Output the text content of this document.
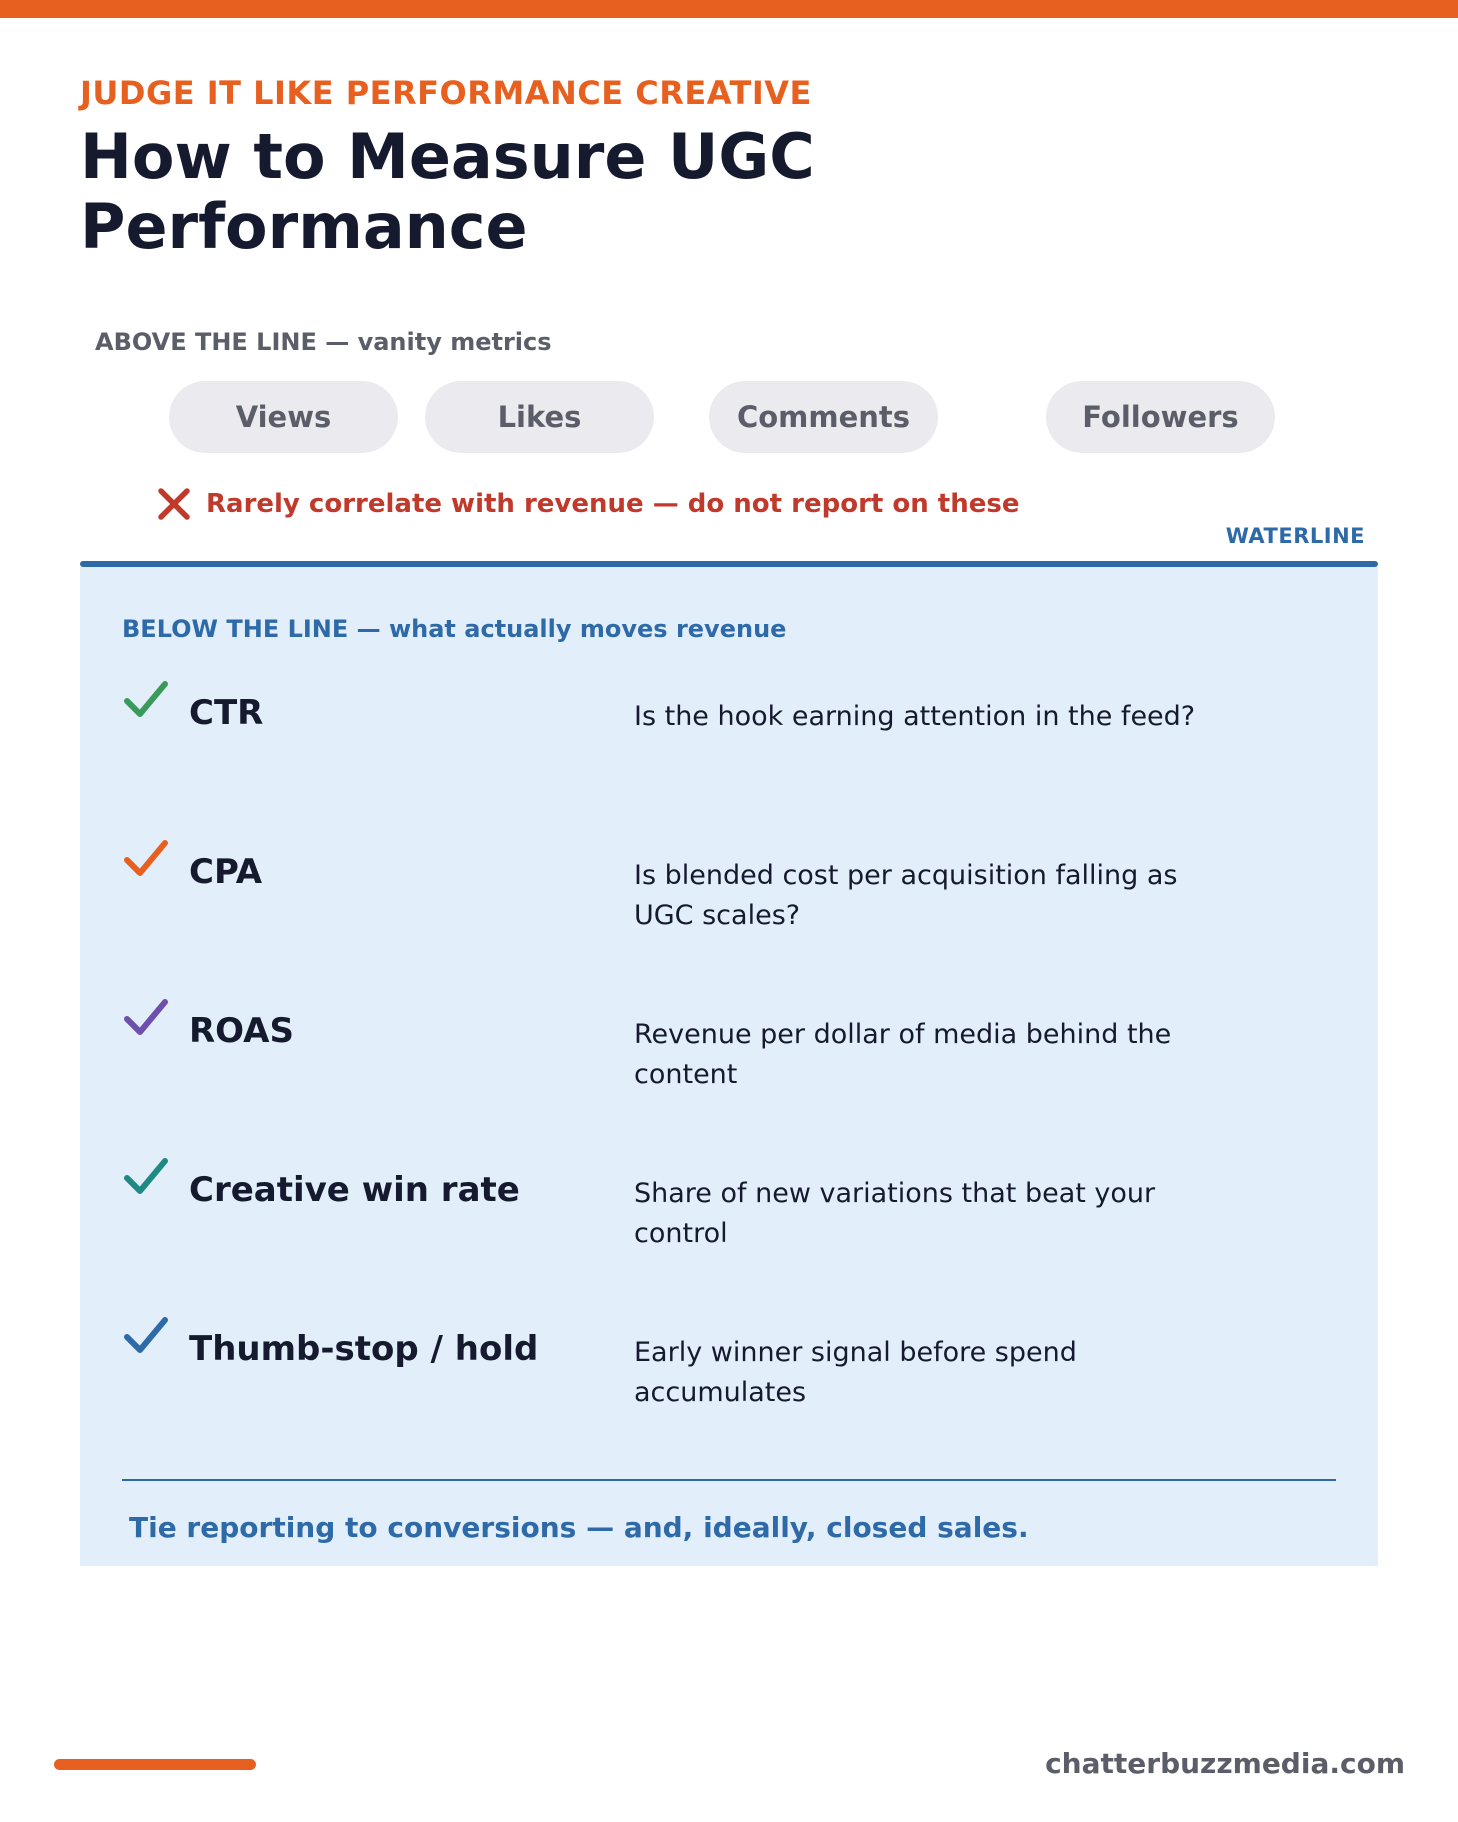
JUDGE IT LIKE PERFORMANCE CREATIVE
How to Measure UGC Performance
ABOVE THE LINE — vanity metrics
Views	Likes	Comments	Followers
Rarely correlate with revenue — do not report on these
WATERLINE
BELOW THE LINE — what actually moves revenue
CTR	Is the hook earning attention in the feed?
CPA	Is blended cost per acquisition falling as UGC scales?
ROAS	Revenue per dollar of media behind the content
Creative win rate	Share of new variations that beat your control
Thumb-stop / hold	Early winner signal before spend accumulates
Tie reporting to conversions — and, ideally, closed sales.
chatterbuzzmedia.com
